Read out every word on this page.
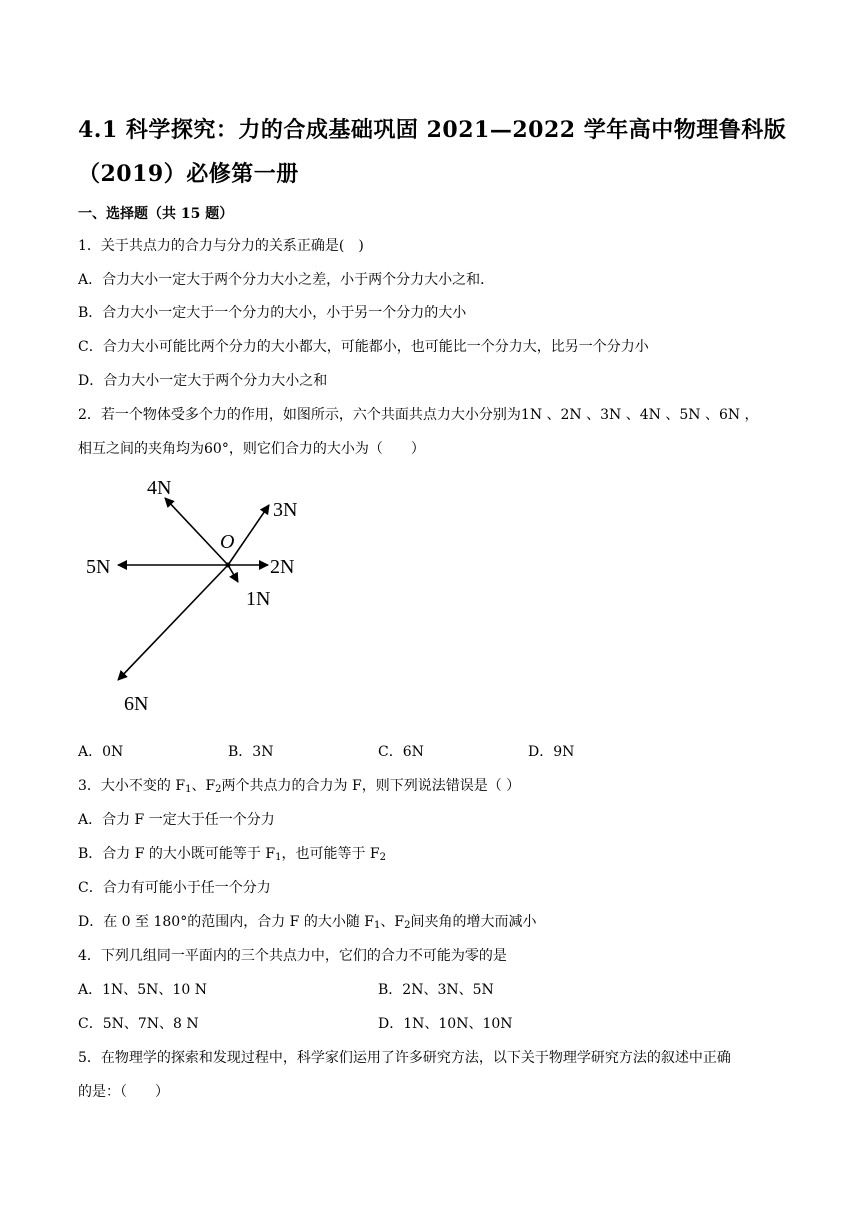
4.1 科学探究：力的合成基础巩固 2021—2022 学年高中物理鲁科版
（2019）必修第一册
一、选择题（共 15 题）
1．关于共点力的合力与分力的关系正确是(　)
A．合力大小一定大于两个分力大小之差，小于两个分力大小之和．
B．合力大小一定大于一个分力的大小，小于另一个分力的大小
C．合力大小可能比两个分力的大小都大，可能都小，也可能比一个分力大，比另一个分力小
D．合力大小一定大于两个分力大小之和
2．若一个物体受多个力的作用，如图所示，六个共面共点力大小分别为1N 、2N 、3N 、4N 、5N 、6N ，
相互之间的夹角均为60°，则它们合力的大小为（　　）
O
1N
2N
3N
4N
5N
6N
A．0N	B．3N	C．6N	D．9N
3．大小不变的 $F_1$、$F_2$两个共点力的合力为 F，则下列说法错误是（ ）
A．合力 F 一定大于任一个分力
B．合力 F 的大小既可能等于 $F_1$，也可能等于 $F_2$
C．合力有可能小于任一个分力
D．在 0 至 180°的范围内，合力 F 的大小随 $F_1$、$F_2$间夹角的增大而减小
4．下列几组同一平面内的三个共点力中，它们的合力不可能为零的是
A．1N、5N、10 N	B．2N、3N、5N
C．5N、7N、8 N	D．1N、10N、10N
5．在物理学的探索和发现过程中，科学家们运用了许多研究方法，以下关于物理学研究方法的叙述中正确
的是：（　　）
